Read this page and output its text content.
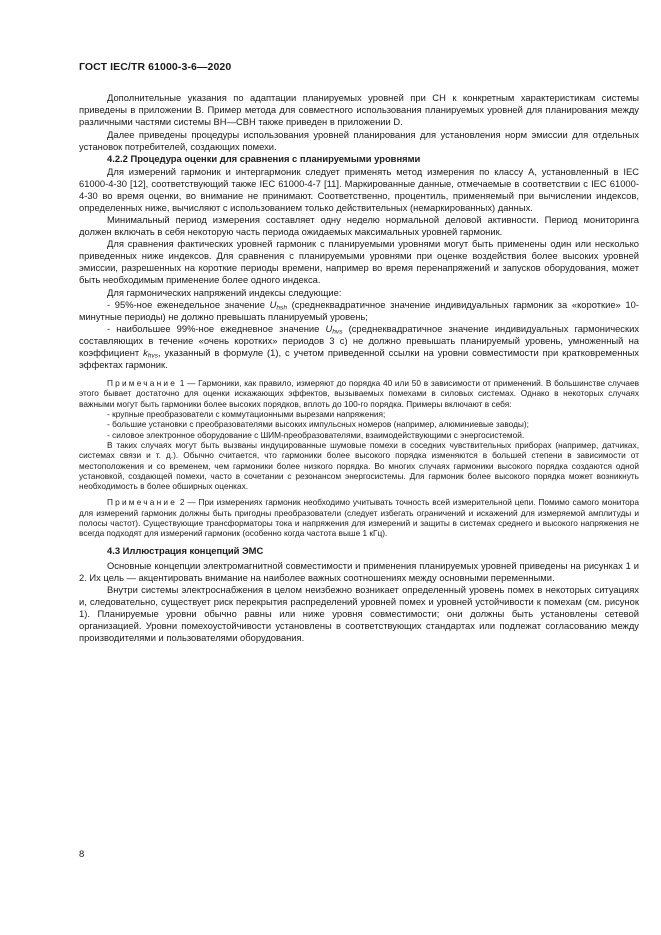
ГОСТ IEC/TR 61000-3-6—2020

Дополнительные указания по адаптации планируемых уровней при СН к конкретным характеристикам системы приведены в приложении В. Пример метода для совместного использования планируемых уровней для планирования между различными частями системы ВН—СВН также приведен в приложении D.

Далее приведены процедуры использования уровней планирования для установления норм эмиссии для отдельных установок потребителей, создающих помехи.

4.2.2 Процедура оценки для сравнения с планируемыми уровнями

Для измерений гармоник и интергармоник следует применять метод измерения по классу А, установленный в IEC 61000-4-30 [12], соответствующий также IEC 61000-4-7 [11]. Маркированные данные, отмечаемые в соответствии с IEC 61000-4-30 во время оценки, во внимание не принимают. Соответственно, процентиль, применяемый при вычислении индексов, определенных ниже, вычисляют с использованием только действительных (немаркированных) данных.

Минимальный период измерения составляет одну неделю нормальной деловой активности. Период мониторинга должен включать в себя некоторую часть периода ожидаемых максимальных уровней гармоник.

Для сравнения фактических уровней гармоник с планируемыми уровнями могут быть применены один или несколько приведенных ниже индексов. Для сравнения с планируемыми уровнями при оценке воздействия более высоких уровней эмиссии, разрешенных на короткие периоды времени, например во время перенапряжений и запусков оборудования, может быть необходимым применение более одного индекса.

Для гармонических напряжений индексы следующие:

- 95%-ное еженедельное значение $U_{hsh}$ (среднеквадратичное значение индивидуальных гармоник за «короткие» 10-минутные периоды) не должно превышать планируемый уровень;

- наибольшее 99%-ное ежедневное значение $U_{hvs}$ (среднеквадратичное значение индивидуальных гармонических составляющих в течение «очень коротких» периодов 3 с) не должно превышать планируемый уровень, умноженный на коэффициент $k_{hvs}$, указанный в формуле (1), с учетом приведенной ссылки на уровни совместимости при кратковременных эффектах гармоник.

Примечание 1 — Гармоники, как правило, измеряют до порядка 40 или 50 в зависимости от применений. В большинстве случаев этого бывает достаточно для оценки искажающих эффектов, вызываемых помехами в силовых системах. Однако в некоторых случаях важными могут быть гармоники более высоких порядков, вплоть до 100-го порядка. Примеры включают в себя:

- крупные преобразователи с коммутационными вырезами напряжения;

- большие установки с преобразователями высоких импульсных номеров (например, алюминиевые заводы);

- силовое электронное оборудование с ШИМ-преобразователями, взаимодействующими с энергосистемой.

В таких случаях могут быть вызваны индуцированные шумовые помехи в соседних чувствительных приборах (например, датчиках, системах связи и т. д.). Обычно считается, что гармоники более высокого порядка изменяются в большей степени в зависимости от местоположения и со временем, чем гармоники более низкого порядка. Во многих случаях гармоники высокого порядка создаются одной установкой, создающей помехи, часто в сочетании с резонансом энергосистемы. Для гармоник более высокого порядка может возникнуть необходимость в более обширных оценках.

Примечание 2 — При измерениях гармоник необходимо учитывать точность всей измерительной цепи. Помимо самого монитора для измерений гармоник должны быть пригодны преобразователи (следует избегать ограничений и искажений для измеряемой амплитуды и полосы частот). Существующие трансформаторы тока и напряжения для измерений и защиты в системах среднего и высокого напряжения не всегда подходят для измерений гармоник (особенно когда частота выше 1 кГц).

4.3 Иллюстрация концепций ЭМС

Основные концепции электромагнитной совместимости и применения планируемых уровней приведены на рисунках 1 и 2. Их цель — акцентировать внимание на наиболее важных соотношениях между основными переменными.

Внутри системы электроснабжения в целом неизбежно возникает определенный уровень помех в некоторых ситуациях и, следовательно, существует риск перекрытия распределений уровней помех и уровней устойчивости к помехам (см. рисунок 1). Планируемые уровни обычно равны или ниже уровня совместимости; они должны быть установлены сетевой организацией. Уровни помехоустойчивости установлены в соответствующих стандартах или подлежат согласованию между производителями и пользователями оборудования.

8
